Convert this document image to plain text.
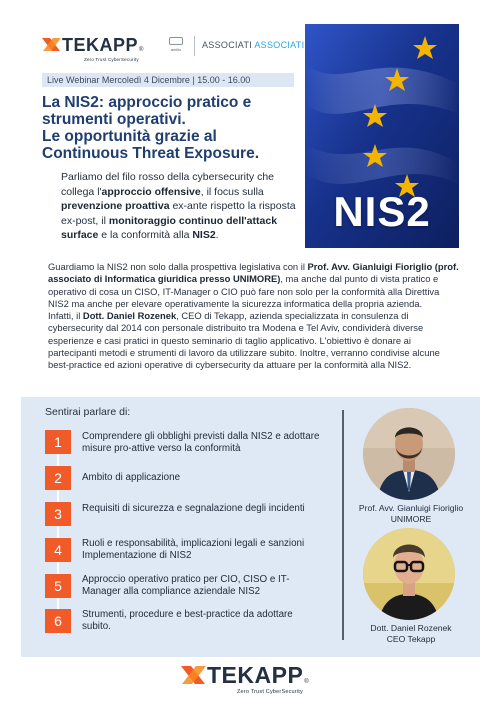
TEKAPP®
Zero Trust CyberSecurity
amilio	ASSOCIATI ASSOCIATI
Live Webinar Mercoledì 4 Dicembre | 15.00 - 16.00
La NIS2: approccio pratico e
strumenti operativi.
Le opportunità grazie al
Continuous Threat Exposure.
NIS2
Parliamo del filo rosso della cybersecurity che collega l'approccio offensive, il focus sulla prevenzione proattiva ex-ante rispetto la risposta ex-post, il monitoraggio continuo dell'attack surface e la conformità alla NIS2.
Guardiamo la NIS2 non solo dalla prospettiva legislativa con il Prof. Avv. Gianluigi Fioriglio (prof. associato di Informatica giuridica presso UNIMORE), ma anche dal punto di vista pratico e operativo di cosa un CISO, IT-Manager o CIO può fare non solo per la conformità alla Direttiva NIS2 ma anche per elevare operativamente la sicurezza informatica della propria azienda.
Infatti, il Dott. Daniel Rozenek, CEO di Tekapp, azienda specializzata in consulenza di cybersecurity dal 2014 con personale distribuito tra Modena e Tel Aviv, condividerà diverse esperienze e casi pratici in questo seminario di taglio applicativo. L'obiettivo è donare ai partecipanti metodi e strumenti di lavoro da utilizzare subito. Inoltre, verranno condivise alcune best-practice ed azioni operative di cybersecurity da attuare per la conformità alla NIS2.
Sentirai parlare di:
1	Comprendere gli obblighi previsti dalla NIS2 e adottare misure pro-attive verso la conformità
2	Ambito di applicazione
3	Requisiti di sicurezza e segnalazione degli incidenti
4	Ruoli e responsabilità, implicazioni legali e sanzioni Implementazione di NIS2
5	Approccio operativo pratico per CIO, CISO e IT-Manager alla compliance aziendale NIS2
6	Strumenti, procedure e best-practice da adottare subito.
Prof. Avv. Gianluigi Fioriglio
UNIMORE
Dott. Daniel Rozenek
CEO Tekapp
TEKAPP®
Zero Trust CyberSecurity
